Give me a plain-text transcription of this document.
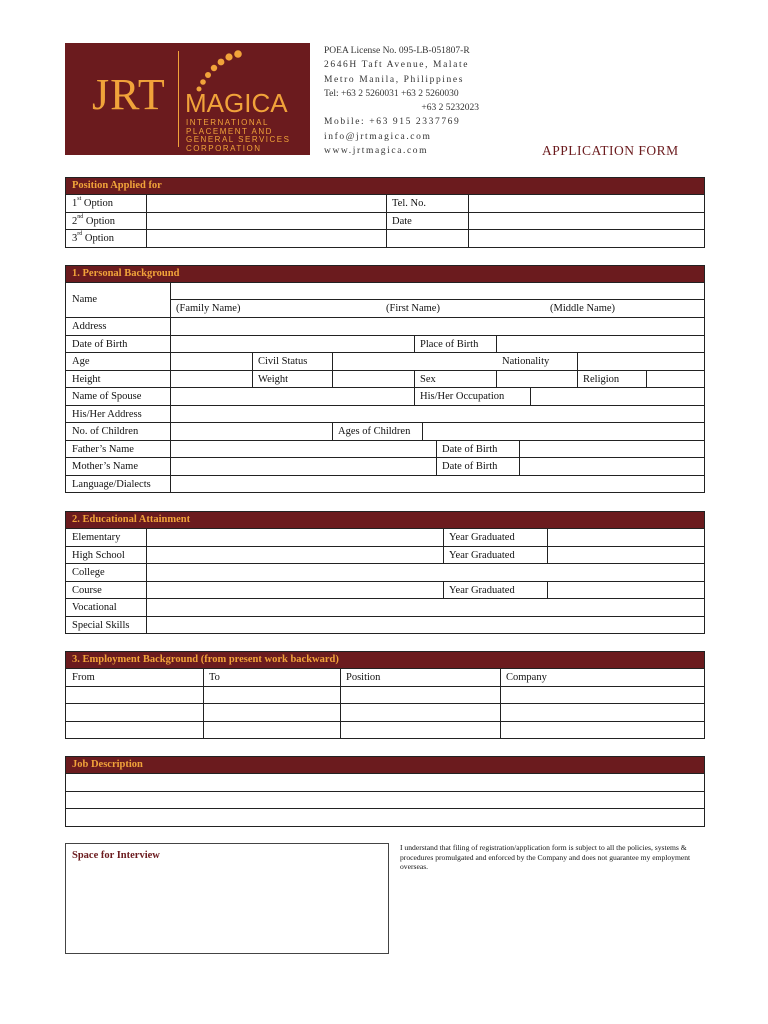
JRT MAGICA
INTERNATIONAL
PLACEMENT AND
GENERAL SERVICES
CORPORATION
POEA License No. 095-LB-051807-R
2646H Taft Avenue, Malate
Metro Manila, Philippines
Tel: +63 2 5260031 +63 2 5260030
+63 2 5232023
Mobile: +63 915 2337769
info@jrtmagica.com
www.jrtmagica.com	APPLICATION FORM
Position Applied for
1st Option	Tel. No.
2nd Option	Date
3rd Option
1. Personal Background
Name
(Family Name)	(First Name)	(Middle Name)
Address
Date of Birth	Place of Birth
Age	Civil Status	Nationality
Height	Weight	Sex	Religion
Name of Spouse	His/Her Occupation
His/Her Address
No. of Children	Ages of Children
Father’s Name	Date of Birth
Mother’s Name	Date of Birth
Language/Dialects
2. Educational Attainment
Elementary	Year Graduated
High School	Year Graduated
College
Course	Year Graduated
Vocational
Special Skills
3. Employment Background (from present work backward)
From	To	Position	Company
Job Description
Space for Interview
I understand that filing of registration/application form is subject to all the policies, systems & procedures promulgated and enforced by the Company and does not guarantee my employment overseas.
